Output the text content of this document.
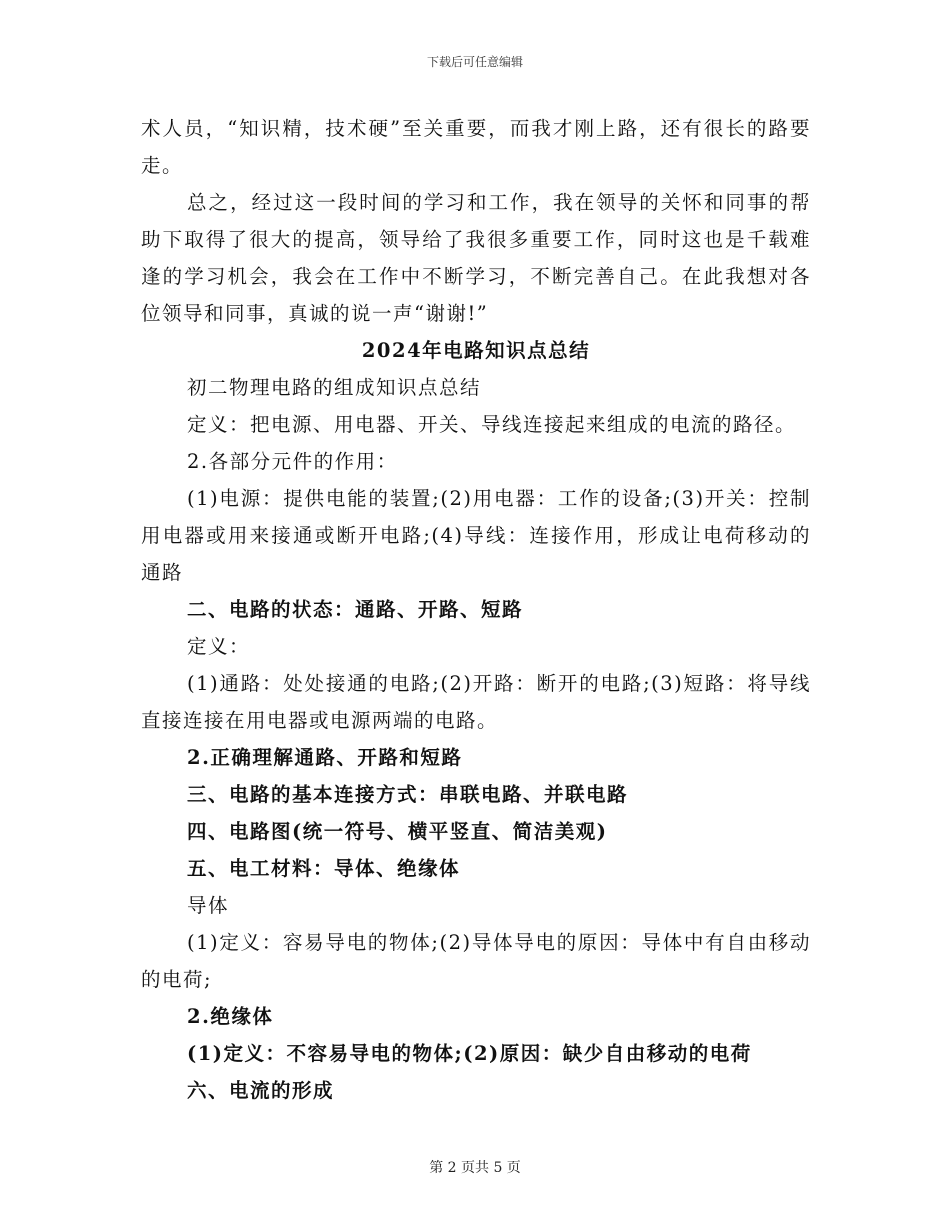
下载后可任意编辑

术人员，“知识精，技术硬”至关重要，而我才刚上路，还有很长的路要走。

总之，经过这一段时间的学习和工作，我在领导的关怀和同事的帮助下取得了很大的提高，领导给了我很多重要工作，同时这也是千载难逢的学习机会，我会在工作中不断学习，不断完善自己。在此我想对各位领导和同事，真诚的说一声“谢谢!”

2024年电路知识点总结

初二物理电路的组成知识点总结

定义：把电源、用电器、开关、导线连接起来组成的电流的路径。

2.各部分元件的作用：

(1)电源：提供电能的装置;(2)用电器：工作的设备;(3)开关：控制用电器或用来接通或断开电路;(4)导线：连接作用，形成让电荷移动的通路

二、电路的状态：通路、开路、短路

定义：

(1)通路：处处接通的电路;(2)开路：断开的电路;(3)短路：将导线直接连接在用电器或电源两端的电路。

2.正确理解通路、开路和短路

三、电路的基本连接方式：串联电路、并联电路

四、电路图(统一符号、横平竖直、简洁美观)

五、电工材料：导体、绝缘体

导体

(1)定义：容易导电的物体;(2)导体导电的原因：导体中有自由移动的电荷;

2.绝缘体

(1)定义：不容易导电的物体;(2)原因：缺少自由移动的电荷

六、电流的形成

第 2 页共 5 页
